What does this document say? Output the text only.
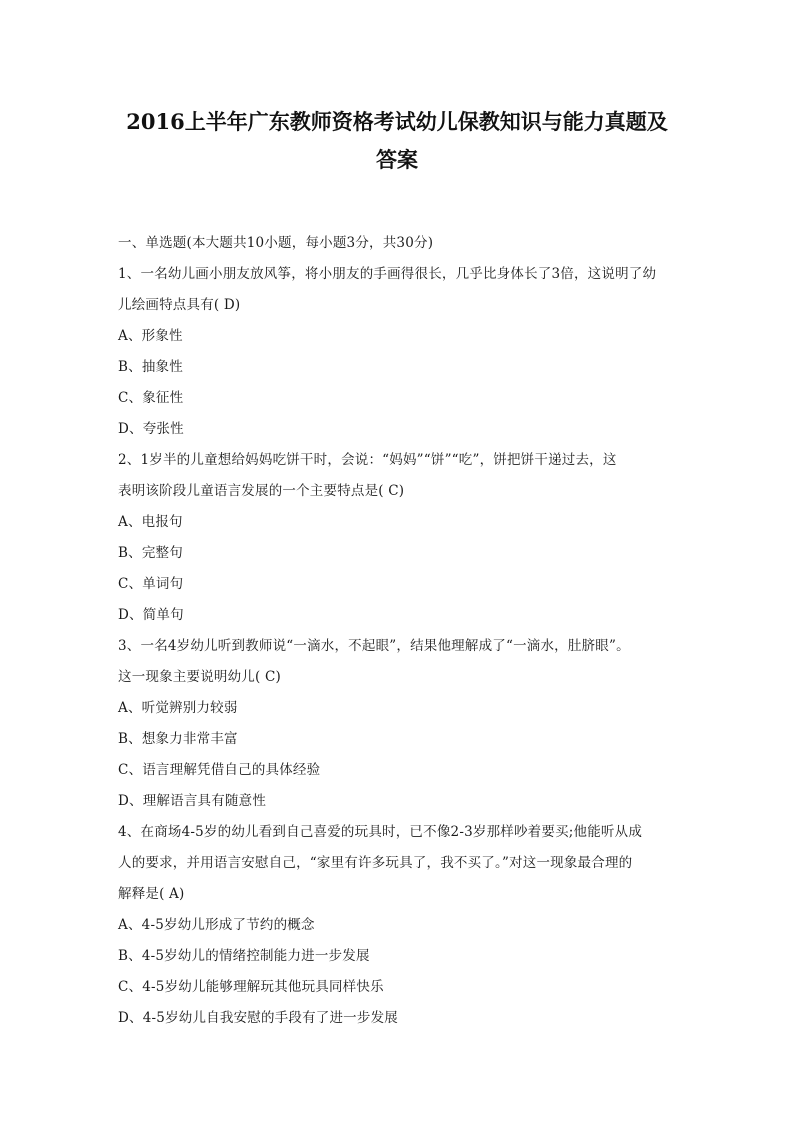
2016上半年广东教师资格考试幼儿保教知识与能力真题及
答案
一、单选题(本大题共10小题，每小题3分，共30分)
1、一名幼儿画小朋友放风筝，将小朋友的手画得很长，几乎比身体长了3倍，这说明了幼
儿绘画特点具有( D)
A、形象性
B、抽象性
C、象征性
D、夸张性
2、1岁半的儿童想给妈妈吃饼干时，会说：“妈妈”“饼”“吃”，饼把饼干递过去，这
表明该阶段儿童语言发展的一个主要特点是( C)
A、电报句
B、完整句
C、单词句
D、简单句
3、一名4岁幼儿听到教师说“一滴水，不起眼”，结果他理解成了“一滴水，肚脐眼”。
这一现象主要说明幼儿( C)
A、听觉辨别力较弱
B、想象力非常丰富
C、语言理解凭借自己的具体经验
D、理解语言具有随意性
4、在商场4-5岁的幼儿看到自己喜爱的玩具时，已不像2-3岁那样吵着要买;他能听从成
人的要求，并用语言安慰自己，“家里有许多玩具了，我不买了。”对这一现象最合理的
解释是( A)
A、4-5岁幼儿形成了节约的概念
B、4-5岁幼儿的情绪控制能力进一步发展
C、4-5岁幼儿能够理解玩其他玩具同样快乐
D、4-5岁幼儿自我安慰的手段有了进一步发展
